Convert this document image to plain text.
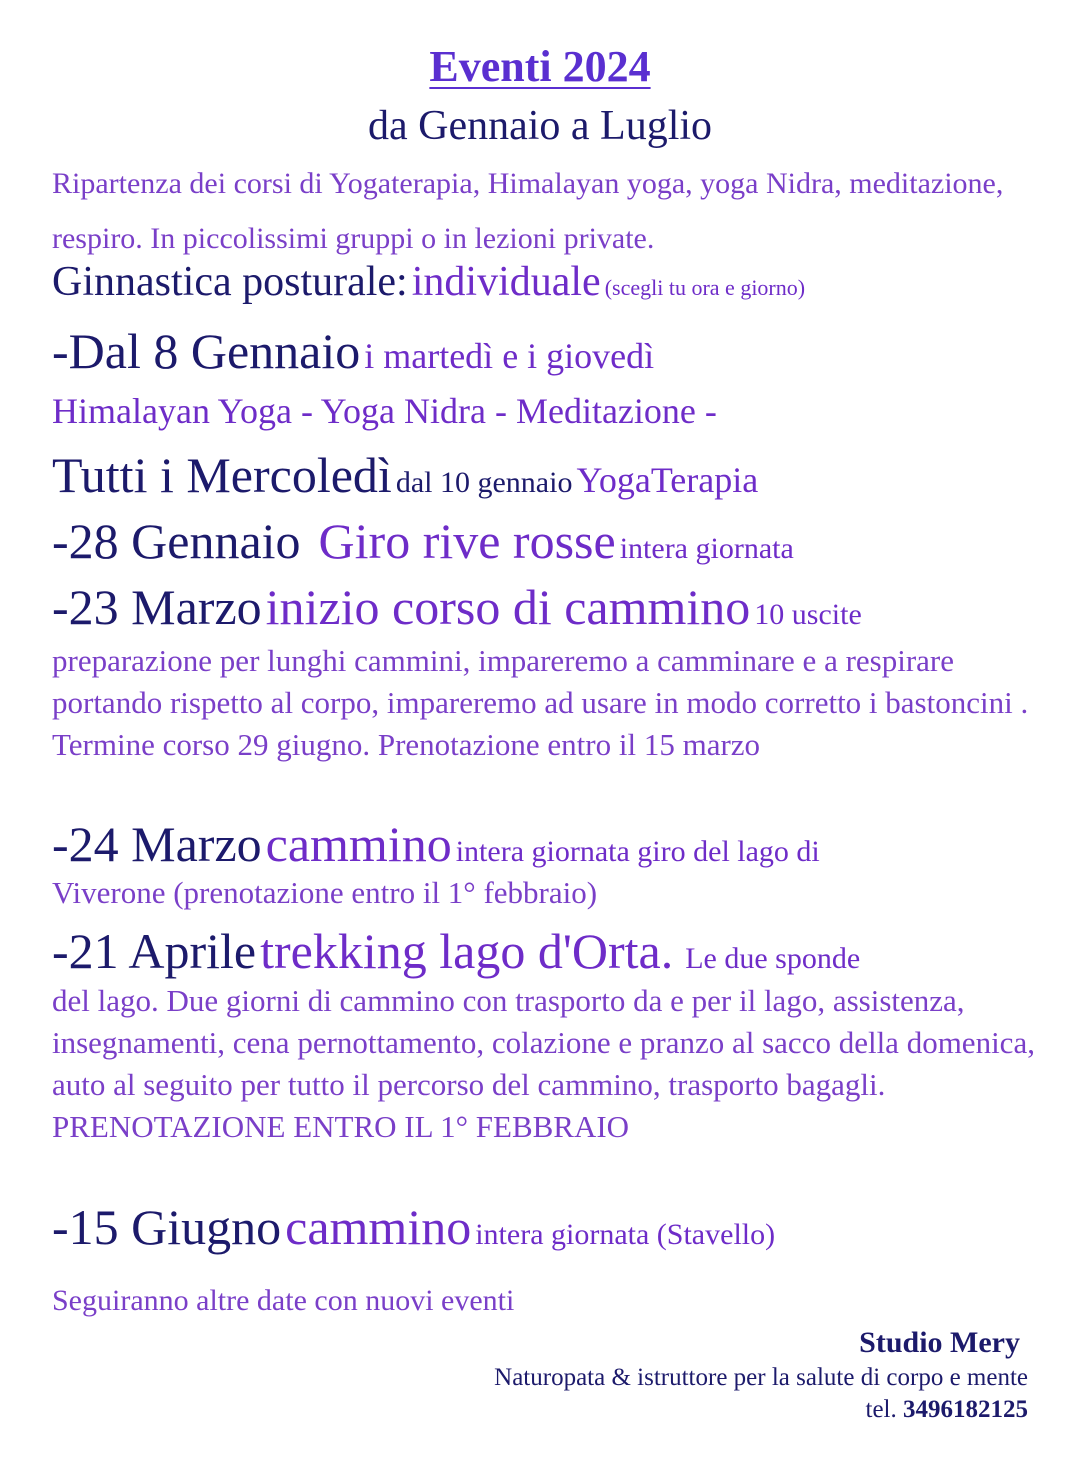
Eventi 2024
da Gennaio a Luglio
Ripartenza dei corsi di Yogaterapia, Himalayan yoga, yoga Nidra, meditazione, respiro. In piccolissimi gruppi o in lezioni private.
Ginnastica posturale: individuale (scegli tu ora e giorno)
-Dal 8 Gennaio i martedì e i giovedì
Himalayan Yoga - Yoga Nidra - Meditazione -
Tutti i Mercoledì dal 10 gennaio YogaTerapia
-28 Gennaio Giro rive rosse intera giornata
-23 Marzo inizio corso di cammino 10 uscite
preparazione per lunghi cammini, impareremo a camminare e a respirare portando rispetto al corpo, impareremo ad usare in modo corretto i bastoncini . Termine corso 29 giugno. Prenotazione entro il 15 marzo
-24 Marzo cammino intera giornata giro del lago di
Viverone (prenotazione entro il 1° febbraio)
-21 Aprile trekking lago d'Orta. Le due sponde
del lago. Due giorni di cammino con trasporto da e per il lago, assistenza, insegnamenti, cena pernottamento, colazione e pranzo al sacco della domenica, auto al seguito per tutto il percorso del cammino, trasporto bagagli. PRENOTAZIONE ENTRO IL 1° FEBBRAIO
-15 Giugno cammino intera giornata (Stavello)
Seguiranno altre date con nuovi eventi
Studio Mery
Naturopata & istruttore per la salute di corpo e mente
tel. 3496182125
